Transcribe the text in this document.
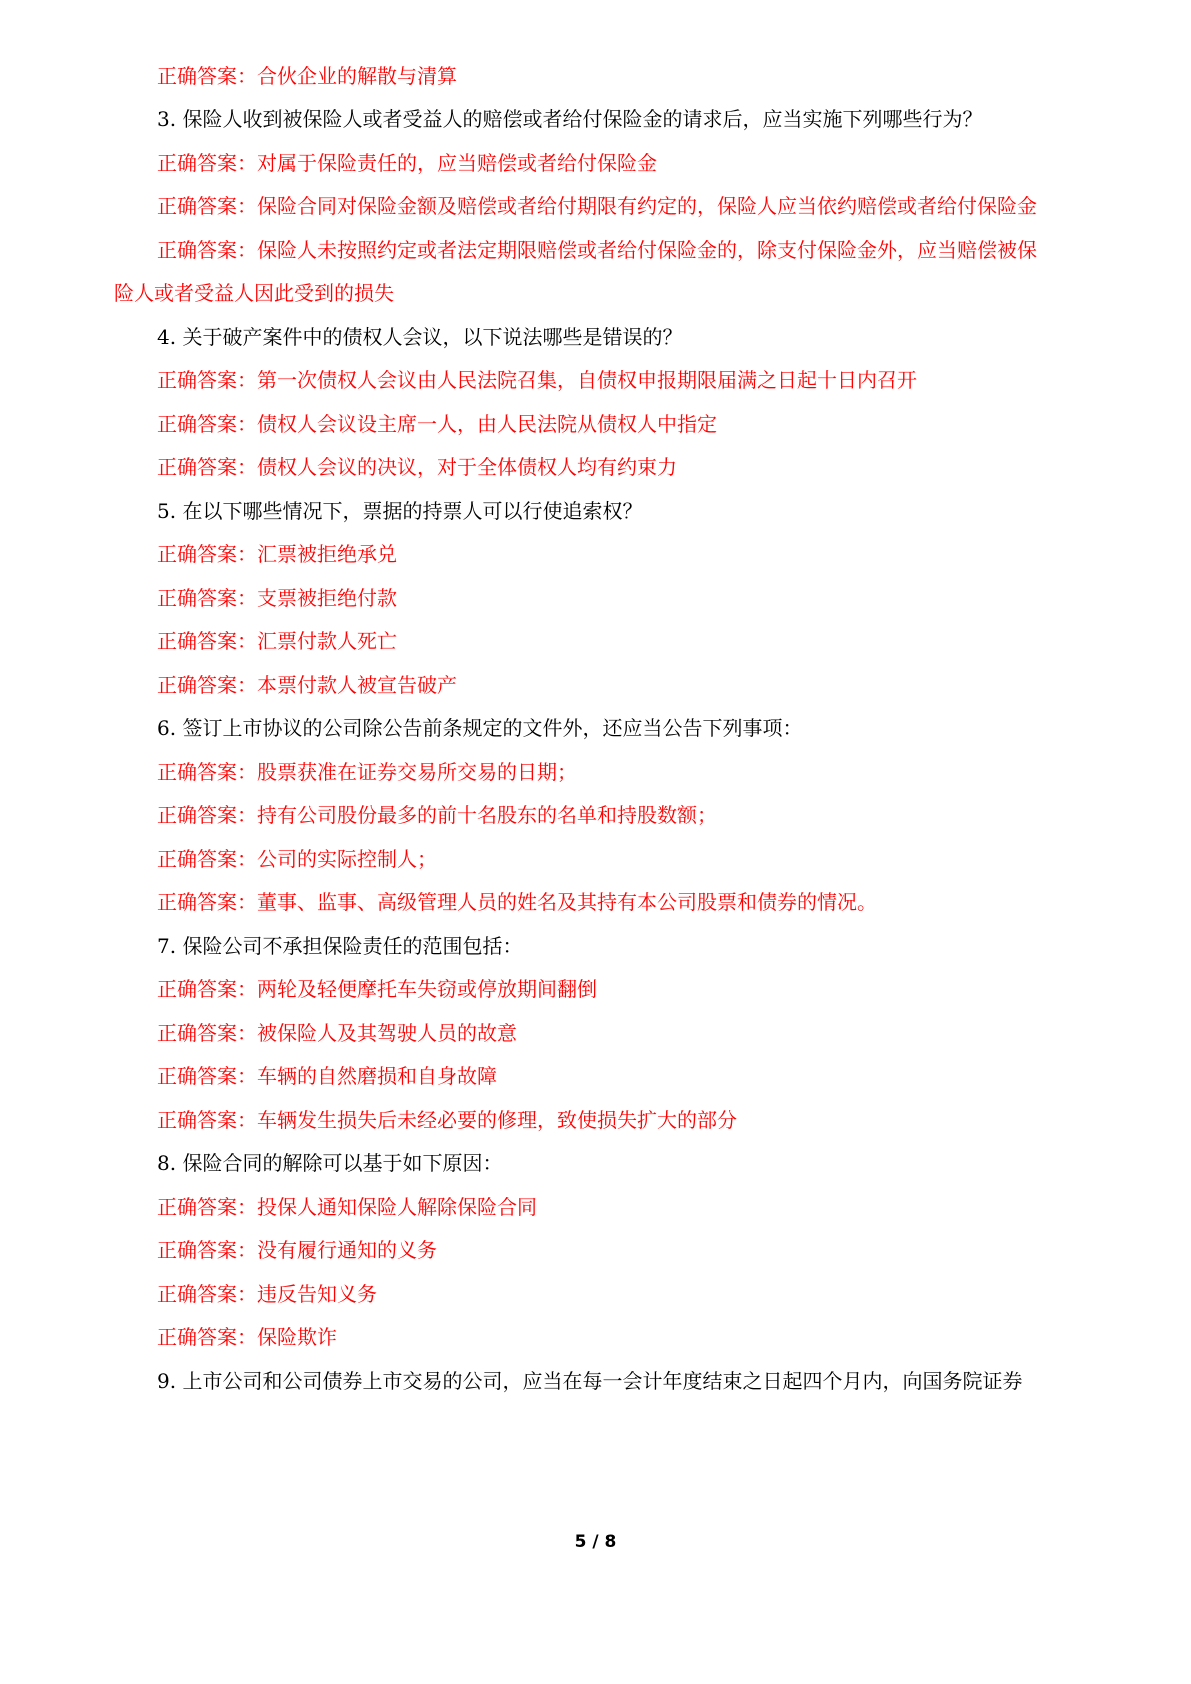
正确答案：合伙企业的解散与清算
3. 保险人收到被保险人或者受益人的赔偿或者给付保险金的请求后，应当实施下列哪些行为？
正确答案：对属于保险责任的，应当赔偿或者给付保险金
正确答案：保险合同对保险金额及赔偿或者给付期限有约定的，保险人应当依约赔偿或者给付保险金
正确答案：保险人未按照约定或者法定期限赔偿或者给付保险金的，除支付保险金外，应当赔偿被保
险人或者受益人因此受到的损失
4. 关于破产案件中的债权人会议，以下说法哪些是错误的？
正确答案：第一次债权人会议由人民法院召集，自债权申报期限届满之日起十日内召开
正确答案：债权人会议设主席一人，由人民法院从债权人中指定
正确答案：债权人会议的决议，对于全体债权人均有约束力
5. 在以下哪些情况下，票据的持票人可以行使追索权？
正确答案：汇票被拒绝承兑
正确答案：支票被拒绝付款
正确答案：汇票付款人死亡
正确答案：本票付款人被宣告破产
6. 签订上市协议的公司除公告前条规定的文件外，还应当公告下列事项：
正确答案：股票获准在证券交易所交易的日期；
正确答案：持有公司股份最多的前十名股东的名单和持股数额；
正确答案：公司的实际控制人；
正确答案：董事、监事、高级管理人员的姓名及其持有本公司股票和债券的情况。
7. 保险公司不承担保险责任的范围包括：
正确答案：两轮及轻便摩托车失窃或停放期间翻倒
正确答案：被保险人及其驾驶人员的故意
正确答案：车辆的自然磨损和自身故障
正确答案：车辆发生损失后未经必要的修理，致使损失扩大的部分
8. 保险合同的解除可以基于如下原因：
正确答案：投保人通知保险人解除保险合同
正确答案：没有履行通知的义务
正确答案：违反告知义务
正确答案：保险欺诈
9. 上市公司和公司债券上市交易的公司，应当在每一会计年度结束之日起四个月内，向国务院证券
5 / 8
